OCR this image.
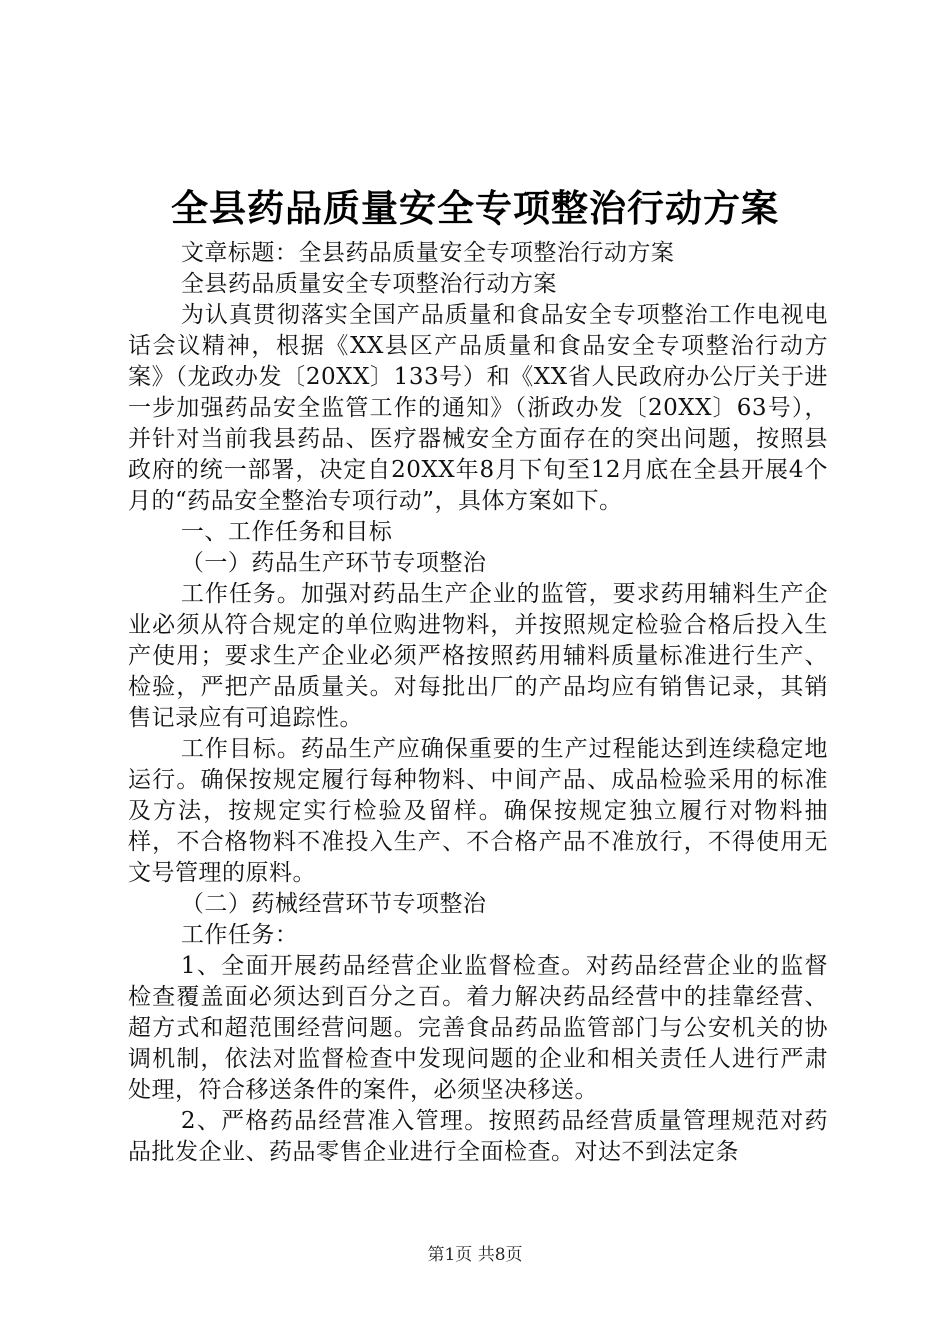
全县药品质量安全专项整治行动方案

文章标题：全县药品质量安全专项整治行动方案

全县药品质量安全专项整治行动方案

为认真贯彻落实全国产品质量和食品安全专项整治工作电视电话会议精神，根据《XX县区产品质量和食品安全专项整治行动方案》（龙政办发〔20XX〕133号）和《XX省人民政府办公厅关于进一步加强药品安全监管工作的通知》（浙政办发〔20XX〕63号），并针对当前我县药品、医疗器械安全方面存在的突出问题，按照县政府的统一部署，决定自20XX年8月下旬至12月底在全县开展4个月的“药品安全整治专项行动”，具体方案如下。

一、工作任务和目标

（一）药品生产环节专项整治

工作任务。加强对药品生产企业的监管，要求药用辅料生产企业必须从符合规定的单位购进物料，并按照规定检验合格后投入生产使用；要求生产企业必须严格按照药用辅料质量标准进行生产、检验，严把产品质量关。对每批出厂的产品均应有销售记录，其销售记录应有可追踪性。

工作目标。药品生产应确保重要的生产过程能达到连续稳定地运行。确保按规定履行每种物料、中间产品、成品检验采用的标准及方法，按规定实行检验及留样。确保按规定独立履行对物料抽样，不合格物料不准投入生产、不合格产品不准放行，不得使用无文号管理的原料。

（二）药械经营环节专项整治

工作任务：

1、全面开展药品经营企业监督检查。对药品经营企业的监督检查覆盖面必须达到百分之百。着力解决药品经营中的挂靠经营、超方式和超范围经营问题。完善食品药品监管部门与公安机关的协调机制，依法对监督检查中发现问题的企业和相关责任人进行严肃处理，符合移送条件的案件，必须坚决移送。

2、严格药品经营准入管理。按照药品经营质量管理规范对药品批发企业、药品零售企业进行全面检查。对达不到法定条

第1页 共8页
